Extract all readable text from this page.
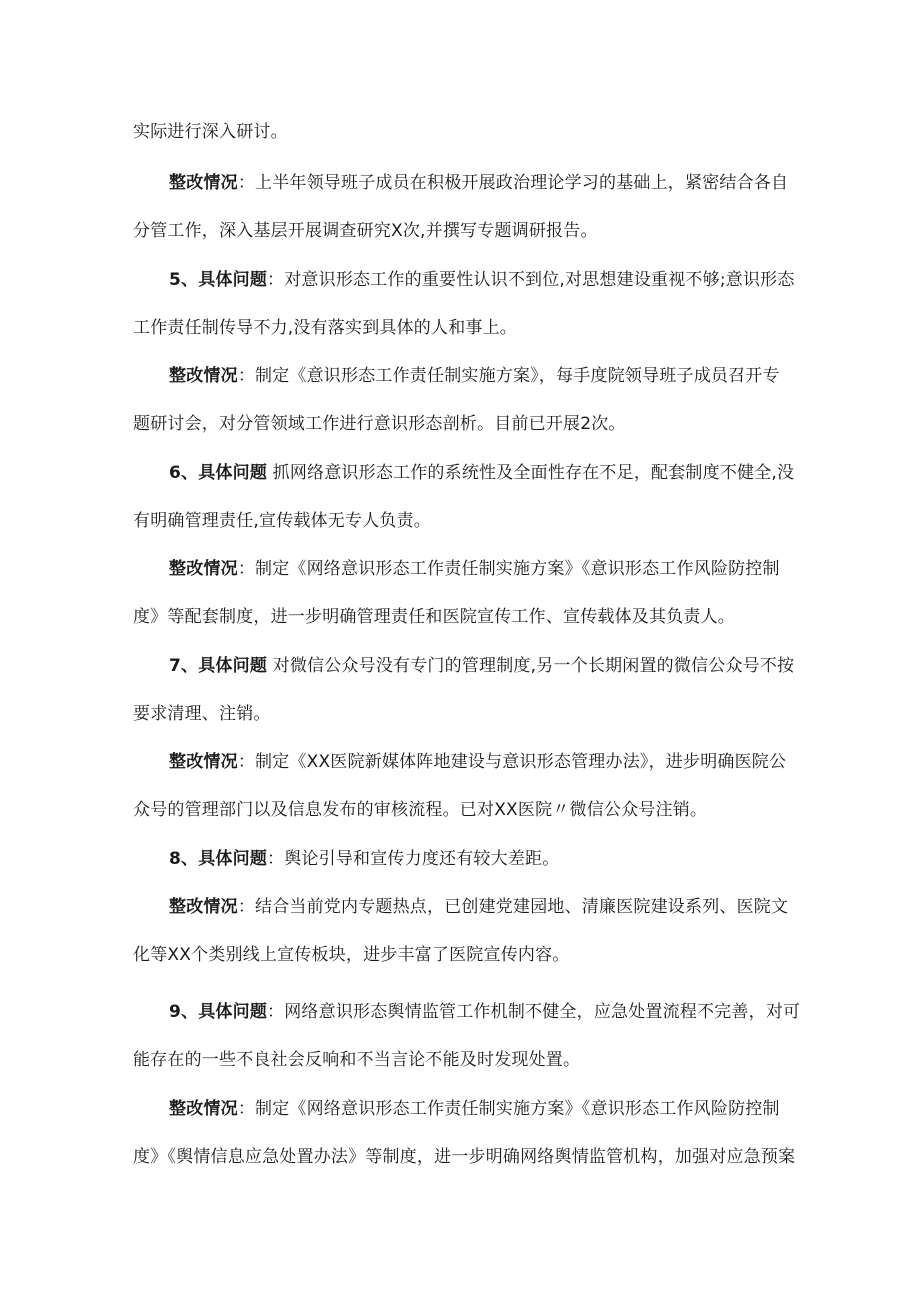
实际进行深入研讨。
整改情况：上半年领导班子成员在积极开展政治理论学习的基础上，紧密结合各自
分管工作，深入基层开展调查研究X次,并撰写专题调研报告。
5、具体问题：对意识形态工作的重要性认识不到位,对思想建设重视不够;意识形态
工作责任制传导不力,没有落实到具体的人和事上。
整改情况：制定《意识形态工作责任制实施方案》，每手度院领导班子成员召开专
题研讨会，对分管领域工作进行意识形态剖析。目前已开展2次。
6、具体问题 抓网络意识形态工作的系统性及全面性存在不足，配套制度不健全,没
有明确管理责任,宣传载体无专人负责。
整改情况：制定《网络意识形态工作责任制实施方案》《意识形态工作风险防控制
度》等配套制度，进一步明确管理责任和医院宣传工作、宣传载体及其负责人。
7、具体问题 对微信公众号没有专门的管理制度,另一个长期闲置的微信公众号不按
要求清理、注销。
整改情况：制定《XX医院新媒体阵地建设与意识形态管理办法》，进步明确医院公
众号的管理部门以及信息发布的审核流程。已对XX医院〃微信公众号注销。
8、具体问题：舆论引导和宣传力度还有较大差距。
整改情况：结合当前党内专题热点，已创建党建园地、清廉医院建设系列、医院文
化等XX个类别线上宣传板块，进步丰富了医院宣传内容。
9、具体问题：网络意识形态舆情监管工作机制不健全，应急处置流程不完善，对可
能存在的一些不良社会反响和不当言论不能及时发现处置。
整改情况：制定《网络意识形态工作责任制实施方案》《意识形态工作风险防控制
度》《舆情信息应急处置办法》等制度，进一步明确网络舆情监管机构，加强对应急预案
